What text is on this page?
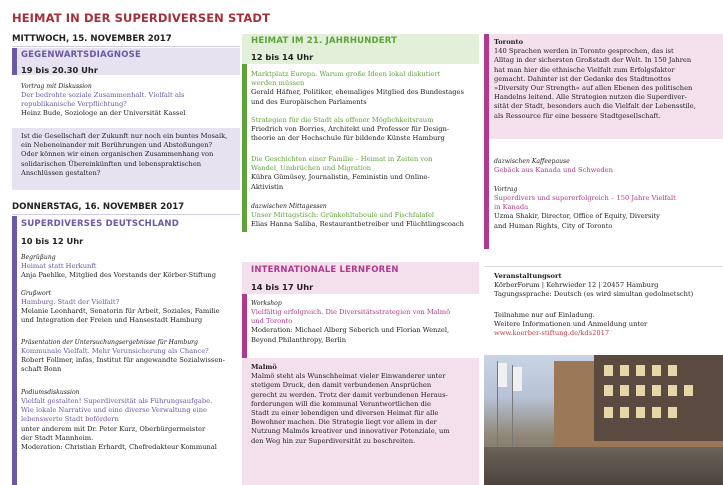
HEIMAT IN DER SUPERDIVERSEN STADT
MITTWOCH, 15. NOVEMBER 2017
GEGENWARTSDIAGNOSE
19 bis 20.30 Uhr
Vortrag mit Diskussion
Der bedrohte soziale Zusammenhalt. Vielfalt als
republikanische Verpflichtung?
Heinz Bude, Soziologe an der Universität Kassel
Ist die Gesellschaft der Zukunft nur noch ein buntes Mosaik,
ein Nebeneinander mit Berührungen und Abstoßungen?
Oder können wir einen organischen Zusammenhang von
solidarischen Übereinkünften und lebenspraktischen
Anschlüssen gestalten?
DONNERSTAG, 16. NOVEMBER 2017
SUPERDIVERSES DEUTSCHLAND
10 bis 12 Uhr
Begrüßung
Heimat statt Herkunft
Anja Paehlke, Mitglied des Vorstands der Körber-Stiftung
Grußwort
Hamburg. Stadt der Vielfalt?
Melanie Leonhardt, Senatorin für Arbeit, Soziales, Familie
und Integration der Freien und Hansestadt Hamburg
Präsentation der Untersuchungsergebnisse für Hamburg
Kommunale Vielfalt. Mehr Verunsicherung als Chance?
Robert Follmer, infas, Institut für angewandte Sozialwissen-
schaft Bonn
Podiumsdiskussion
Vielfalt gestalten! Superdiversität als Führungsaufgabe.
Wie lokale Narrative und eine diverse Verwaltung eine
lebenswerte Stadt befördern
unter anderem mit Dr. Peter Kurz, Oberbürgermeister
der Stadt Mannheim.
Moderation: Christian Erhardt, Chefredakteur Kommunal
HEIMAT IM 21. JAHRHUNDERT
12 bis 14 Uhr
Marktplatz Europa. Warum große Ideen lokal diskutiert
werden müssen
Gerald Häfner, Politiker, ehemaliges Mitglied des Bundestages
und des Europäischen Parlaments
Strategien für die Stadt als offener Möglichkeitsraum
Friedrich von Borries, Architekt und Professor für Design-
theorie an der Hochschule für bildende Künste Hamburg
Die Geschichten einer Familie – Heimat in Zeiten von
Wandel, Umbrüchen und Migration
Kübra Gümüsey, Journalistin, Feministin und Online-
Aktivistin
dazwischen Mittagessen
Unser Mittagstisch: Grünkohltaboulé und Fischfalafel
Elias Hanna Saliba, Restaurantbetreiber und Flüchtlingscoach
INTERNATIONALE LERNFOREN
14 bis 17 Uhr
Workshop
Vielfältig erfolgreich. Die Diversitätsstrategien von Malmö
und Toronto
Moderation: Michael Alberg Seberich und Florian Wenzel,
Beyond Philanthropy, Berlin
Malmö
Malmö steht als Wunschheimat vieler Einwanderer unter
stetigem Druck, den damit verbundenen Ansprüchen
gerecht zu werden. Trotz der damit verbundenen Heraus-
forderungen will die kommunal Verantwortlichen die
Stadt zu einer lebendigen und diversen Heimat für alle
Bewohner machen. Die Strategie liegt vor allem in der
Nutzung Malmös kreativer und innovativer Potenziale, um
den Weg hin zur Superdiversität zu beschreiten.
Toronto
140 Sprachen werden in Toronto gesprochen, das ist
Alltag in der sichersten Großstadt der Welt. In 150 Jahren
hat man hier die ethnische Vielfalt zum Erfolgsfaktor
gemacht. Dahinter ist der Gedanke des Stadtmottos
»Diversity Our Strength« auf allen Ebenen des politischen
Handelns leitend. Alle Strategien nutzen die Superdiver-
sität der Stadt, besonders auch die Vielfalt der Lebensstile,
als Ressource für eine bessere Stadtgesellschaft.
dazwischen Kaffeepause
Gebäck aus Kanada und Schweden
Vortrag
Superdivers und supererfolgreich – 150 Jahre Vielfalt
in Kanada
Uzma Shakir, Director, Office of Equity, Diversity
and Human Rights, City of Toronto
Veranstaltungsort
KörberForum | Kehrwieder 12 | 20457 Hamburg
Tagungssprache: Deutsch (es wird simultan gedolmetscht)
Teilnahme nur auf Einladung.
Weitere Informationen und Anmeldung unter
www.koerber-stiftung.de/kds2017
